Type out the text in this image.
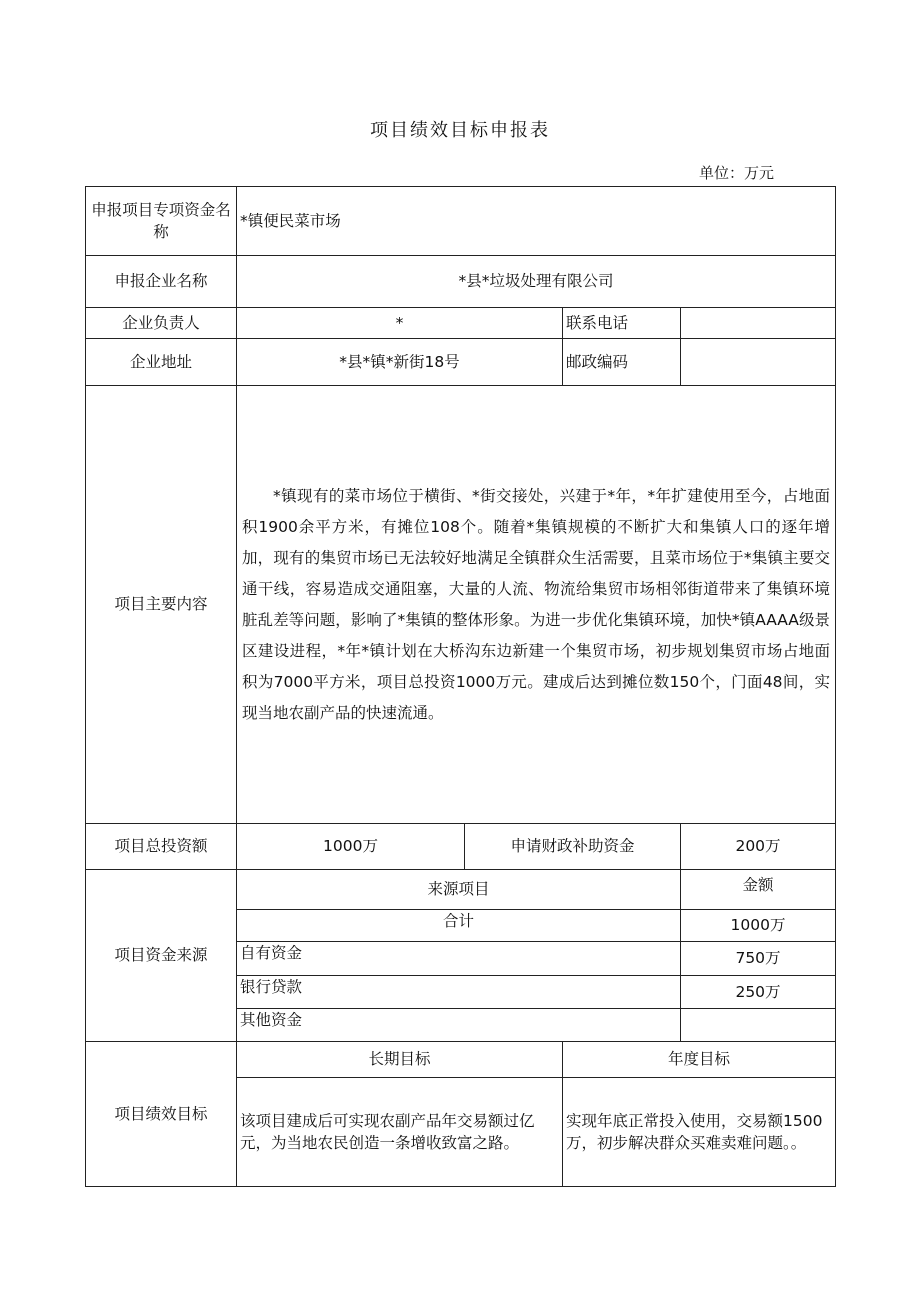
项目绩效目标申报表
单位：万元
申报项目专项资金名称	*镇便民菜市场			
申报企业名称	*县*垃圾处理有限公司			
企业负责人	*		联系电话	
企业地址	*县*镇*新街18号		邮政编码	
项目主要内容	*镇现有的菜市场位于横街、*街交接处，兴建于*年，*年扩建使用至今，占地面积1900余平方米，有摊位108个。随着*集镇规模的不断扩大和集镇人口的逐年增加，现有的集贸市场已无法较好地满足全镇群众生活需要，且菜市场位于*集镇主要交通干线，容易造成交通阻塞，大量的人流、物流给集贸市场相邻街道带来了集镇环境脏乱差等问题，影响了*集镇的整体形象。为进一步优化集镇环境，加快*镇AAAA级景区建设进程，*年*镇计划在大桥沟东边新建一个集贸市场，初步规划集贸市场占地面积为7000平方米，项目总投资1000万元。建成后达到摊位数150个，门面48间，实现当地农副产品的快速流通。			

项目总投资额	1000万	申请财政补助资金		200万
项目资金来源	来源项目			金额
	合计			1000万
	自有资金			750万
	银行贷款			250万
	其他资金			
项目绩效目标	长期目标		年度目标	
	该项目建成后可实现农副产品年交易额过亿元，为当地农民创造一条增收致富之路。		实现年底正常投入使用，交易额1500万，初步解决群众买难卖难问题。。	
